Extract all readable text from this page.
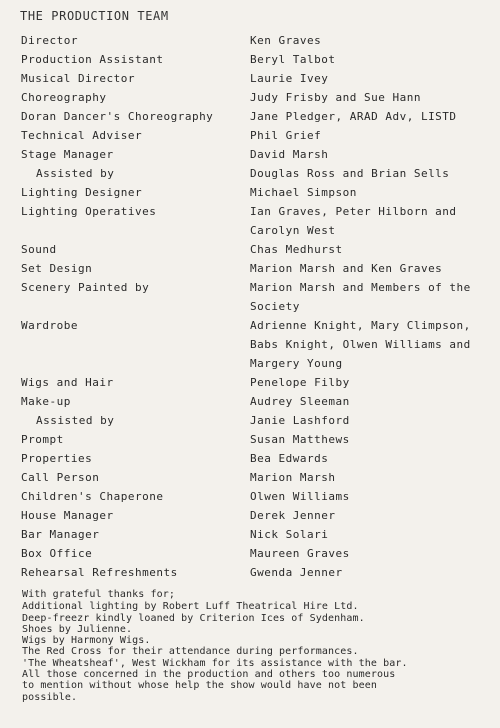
THE PRODUCTION TEAM
Director	Ken Graves
Production Assistant	Beryl Talbot
Musical Director	Laurie Ivey
Choreography	Judy Frisby and Sue Hann
Doran Dancer's Choreography	Jane Pledger, ARAD Adv, LISTD
Technical Adviser	Phil Grief
Stage Manager	David Marsh
Assisted by	Douglas Ross and Brian Sells
Lighting Designer	Michael Simpson
Lighting Operatives	Ian Graves, Peter Hilborn and Carolyn West
Sound	Chas Medhurst
Set Design	Marion Marsh and Ken Graves
Scenery Painted by	Marion Marsh and Members of the Society
Wardrobe	Adrienne Knight, Mary Climpson, Babs Knight, Olwen Williams and Margery Young
Wigs and Hair	Penelope Filby
Make-up	Audrey Sleeman
Assisted by	Janie Lashford
Prompt	Susan Matthews
Properties	Bea Edwards
Call Person	Marion Marsh
Children's Chaperone	Olwen Williams
House Manager	Derek Jenner
Bar Manager	Nick Solari
Box Office	Maureen Graves
Rehearsal Refreshments	Gwenda Jenner
With grateful thanks for;
Additional lighting by Robert Luff Theatrical Hire Ltd.
Deep-freezr kindly loaned by Criterion Ices of Sydenham.
Shoes by Julienne.
Wigs by Harmony Wigs.
The Red Cross for their attendance during performances.
'The Wheatsheaf', West Wickham for its assistance with the bar.
All those concerned in the production and others too numerous
to mention without whose help the show would have not been
possible.
